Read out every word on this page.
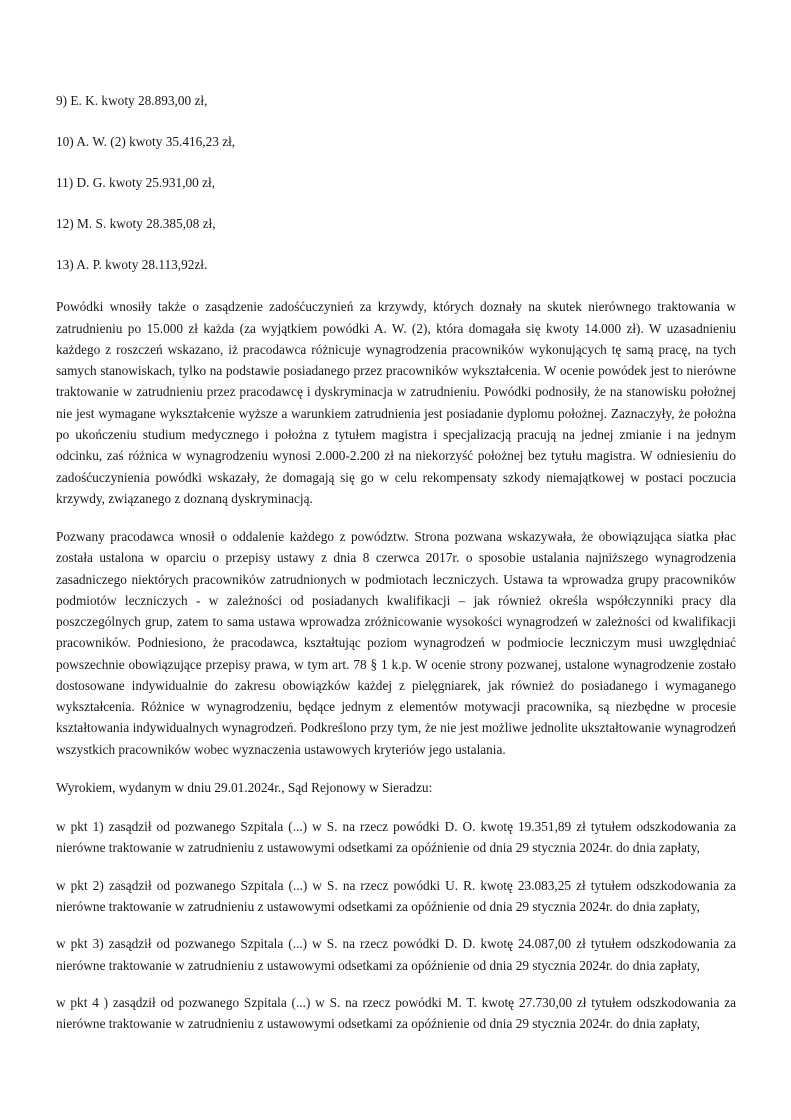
9) E. K. kwoty 28.893,00 zł,

10) A. W. (2) kwoty 35.416,23 zł,

11) D. G. kwoty 25.931,00 zł,

12) M. S. kwoty 28.385,08 zł,

13) A. P. kwoty 28.113,92zł.

Powódki wnosiły także o zasądzenie zadośćuczynień za krzywdy, których doznały na skutek nierównego traktowania w zatrudnieniu po 15.000 zł każda (za wyjątkiem powódki A. W. (2), która domagała się kwoty 14.000 zł). W uzasadnieniu każdego z roszczeń wskazano, iż pracodawca różnicuje wynagrodzenia pracowników wykonujących tę samą pracę, na tych samych stanowiskach, tylko na podstawie posiadanego przez pracowników wykształcenia. W ocenie powódek jest to nierówne traktowanie w zatrudnieniu przez pracodawcę i dyskryminacja w zatrudnieniu. Powódki podnosiły, że na stanowisku położnej nie jest wymagane wykształcenie wyższe a warunkiem zatrudnienia jest posiadanie dyplomu położnej. Zaznaczyły, że położna po ukończeniu studium medycznego i położna z tytułem magistra i specjalizacją pracują na jednej zmianie i na jednym odcinku, zaś różnica w wynagrodzeniu wynosi 2.000-2.200 zł na niekorzyść położnej bez tytułu magistra. W odniesieniu do zadośćuczynienia powódki wskazały, że domagają się go w celu rekompensaty szkody niemajątkowej w postaci poczucia krzywdy, związanego z doznaną dyskryminacją.

Pozwany pracodawca wnosił o oddalenie każdego z powództw. Strona pozwana wskazywała, że obowiązująca siatka płac została ustalona w oparciu o przepisy ustawy z dnia 8 czerwca 2017r. o sposobie ustalania najniższego wynagrodzenia zasadniczego niektórych pracowników zatrudnionych w podmiotach leczniczych. Ustawa ta wprowadza grupy pracowników podmiotów leczniczych - w zależności od posiadanych kwalifikacji – jak również określa współczynniki pracy dla poszczególnych grup, zatem to sama ustawa wprowadza zróżnicowanie wysokości wynagrodzeń w zależności od kwalifikacji pracowników. Podniesiono, że pracodawca, kształtując poziom wynagrodzeń w podmiocie leczniczym musi uwzględniać powszechnie obowiązujące przepisy prawa, w tym art. 78 § 1 k.p. W ocenie strony pozwanej, ustalone wynagrodzenie zostało dostosowane indywidualnie do zakresu obowiązków każdej z pielęgniarek, jak również do posiadanego i wymaganego wykształcenia. Różnice w wynagrodzeniu, będące jednym z elementów motywacji pracownika, są niezbędne w procesie kształtowania indywidualnych wynagrodzeń. Podkreślono przy tym, że nie jest możliwe jednolite ukształtowanie wynagrodzeń wszystkich pracowników wobec wyznaczenia ustawowych kryteriów jego ustalania.

Wyrokiem, wydanym w dniu 29.01.2024r., Sąd Rejonowy w Sieradzu:

w pkt 1) zasądził od pozwanego Szpitala (...) w S. na rzecz powódki D. O. kwotę 19.351,89 zł tytułem odszkodowania za nierówne traktowanie w zatrudnieniu z ustawowymi odsetkami za opóźnienie od dnia 29 stycznia 2024r. do dnia zapłaty,

w pkt 2) zasądził od pozwanego Szpitala (...) w S. na rzecz powódki U. R. kwotę 23.083,25 zł tytułem odszkodowania za nierówne traktowanie w zatrudnieniu z ustawowymi odsetkami za opóźnienie od dnia 29 stycznia 2024r. do dnia zapłaty,

w pkt 3) zasądził od pozwanego Szpitala (...) w S. na rzecz powódki D. D. kwotę 24.087,00 zł tytułem odszkodowania za nierówne traktowanie w zatrudnieniu z ustawowymi odsetkami za opóźnienie od dnia 29 stycznia 2024r. do dnia zapłaty,

w pkt 4 ) zasądził od pozwanego Szpitala (...) w S. na rzecz powódki M. T. kwotę 27.730,00 zł tytułem odszkodowania za nierówne traktowanie w zatrudnieniu z ustawowymi odsetkami za opóźnienie od dnia 29 stycznia 2024r. do dnia zapłaty,
